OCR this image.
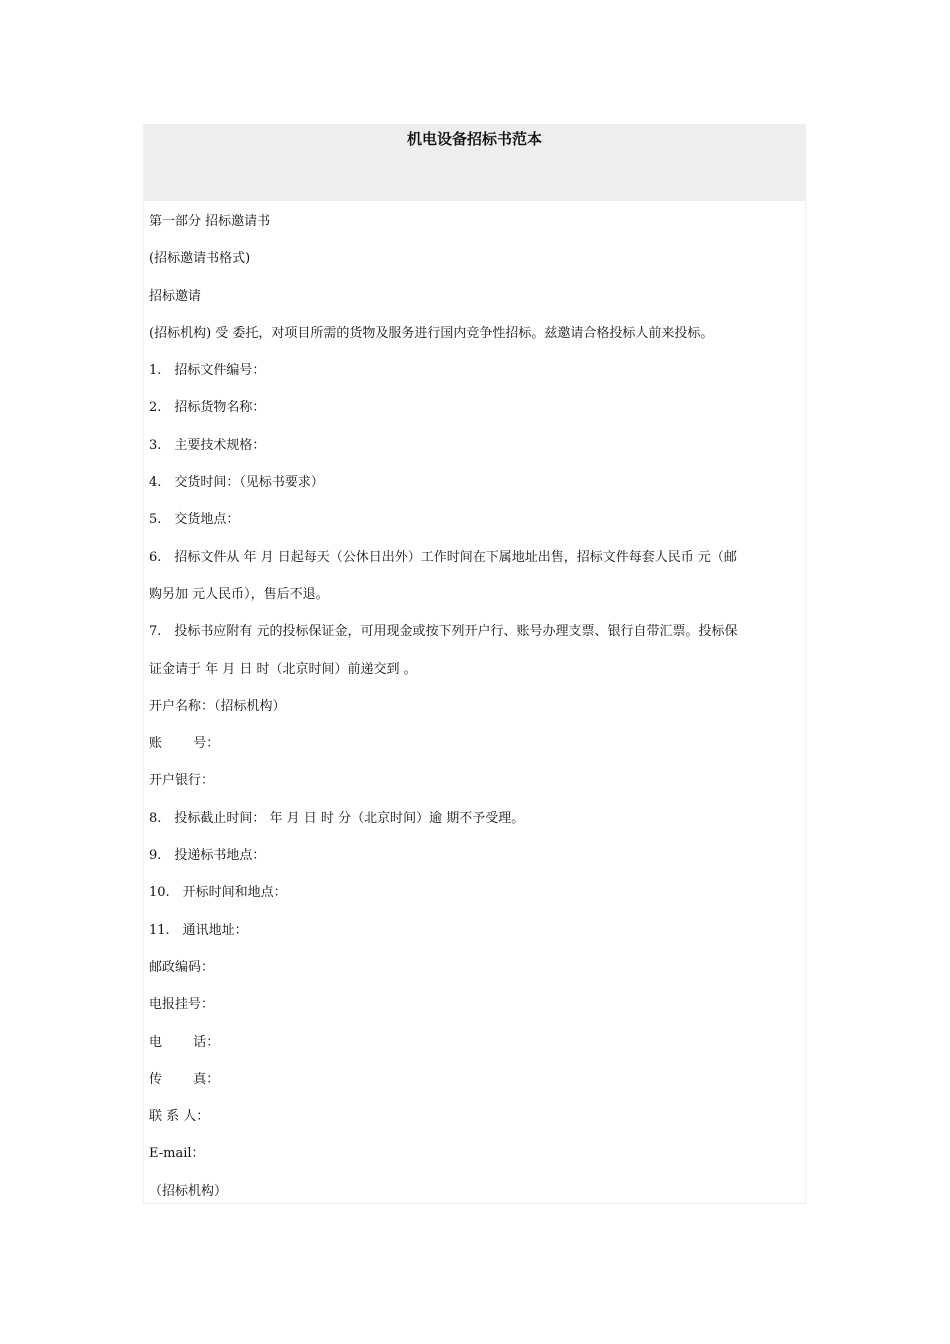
机电设备招标书范本

第一部分 招标邀请书

(招标邀请书格式)

招标邀请

(招标机构) 受 委托，对项目所需的货物及服务进行国内竞争性招标。兹邀请合格投标人前来投标。

1.　招标文件编号：

2.　招标货物名称：

3.　主要技术规格：

4.　交货时间：（见标书要求）

5.　交货地点：

6.　招标文件从 年 月 日起每天（公休日出外）工作时间在下属地址出售，招标文件每套人民币 元（邮

购另加 元人民币），售后不退。

7.　投标书应附有 元的投标保证金，可用现金或按下列开户行、账号办理支票、银行自带汇票。投标保

证金请于 年 月 日 时（北京时间）前递交到 。

开户名称：（招标机构）

账 号：

开户银行：

8.　投标截止时间： 年 月 日 时 分（北京时间）逾 期不予受理。

9.　投递标书地点：

10.　开标时间和地点：

11.　通讯地址：

邮政编码：

电报挂号：

电 话：

传 真：

联 系 人：

E-mail：

（招标机构）
